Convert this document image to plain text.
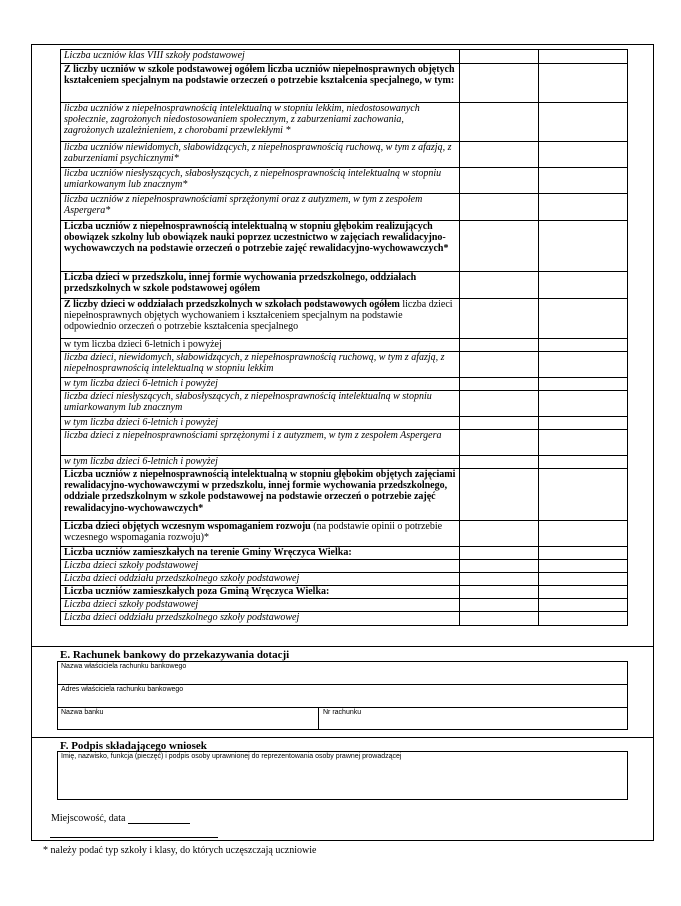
Liczba uczniów klas VIII szkoły podstawowej		
Z liczby uczniów w szkole podstawowej ogółem liczba uczniów niepełnosprawnych objętych kształceniem specjalnym na podstawie orzeczeń o potrzebie kształcenia specjalnego, w tym:		
liczba uczniów z niepełnosprawnością intelektualną w stopniu lekkim, niedostosowanych społecznie, zagrożonych niedostosowaniem społecznym, z zaburzeniami zachowania, zagrożonych uzależnieniem, z chorobami przewlekłymi *		
liczba uczniów niewidomych, słabowidzących, z niepełnosprawnością ruchową, w tym z afazją, z zaburzeniami psychicznymi*		
liczba uczniów niesłyszących, słabosłyszących, z niepełnosprawnością intelektualną w stopniu umiarkowanym lub znacznym*		
liczba uczniów z niepełnosprawnościami sprzężonymi oraz z autyzmem, w tym z zespołem Aspergera*		
Liczba uczniów z niepełnosprawnością intelektualną w stopniu głębokim realizujących obowiązek szkolny lub obowiązek nauki poprzez uczestnictwo w zajęciach rewalidacyjno-wychowawczych na podstawie orzeczeń o potrzebie zajęć rewalidacyjno-wychowawczych*		
Liczba dzieci w przedszkolu, innej formie wychowania przedszkolnego, oddziałach przedszkolnych w szkole podstawowej ogółem		
Z liczby dzieci w oddziałach przedszkolnych w szkołach podstawowych ogółem liczba dzieci niepełnosprawnych objętych wychowaniem i kształceniem specjalnym na podstawie odpowiednio orzeczeń o potrzebie kształcenia specjalnego		
w tym liczba dzieci 6-letnich i powyżej		
liczba dzieci, niewidomych, słabowidzących, z niepełnosprawnością ruchową, w tym z afazją, z niepełnosprawnością intelektualną w stopniu lekkim		
w tym liczba dzieci 6-letnich i powyżej		
liczba dzieci niesłyszących, słabosłyszących, z niepełnosprawnością intelektualną w stopniu umiarkowanym lub znacznym		
w tym liczba dzieci 6-letnich i powyżej		
liczba dzieci z niepełnosprawnościami sprzężonymi i z autyzmem, w tym z zespołem Aspergera		
w tym liczba dzieci 6-letnich i powyżej		
Liczba uczniów z niepełnosprawnością intelektualną w stopniu głębokim objętych zajęciami rewalidacyjno-wychowawczymi w przedszkolu, innej formie wychowania przedszkolnego, oddziale przedszkolnym w szkole podstawowej na podstawie orzeczeń o potrzebie zajęć rewalidacyjno-wychowawczych*		
Liczba dzieci objętych wczesnym wspomaganiem rozwoju (na podstawie opinii o potrzebie wczesnego wspomagania rozwoju)*		
Liczba uczniów zamieszkałych na terenie Gminy Wręczyca Wielka:		
Liczba dzieci szkoły podstawowej		
Liczba dzieci oddziału przedszkolnego szkoły podstawowej		
Liczba uczniów zamieszkałych poza Gminą Wręczyca Wielka:		
Liczba dzieci szkoły podstawowej		
Liczba dzieci oddziału przedszkolnego szkoły podstawowej		
E. Rachunek bankowy do przekazywania dotacji
Nazwa właściciela rachunku bankowego
Adres właściciela rachunku bankowego
Nazwa banku	Nr rachunku
F. Podpis składającego wniosek
Imię, nazwisko, funkcja (pieczęć) i podpis osoby uprawnionej do reprezentowania osoby prawnej prowadzącej
Miejscowość, data
* należy podać typ szkoły i klasy, do których uczęszczają uczniowie
